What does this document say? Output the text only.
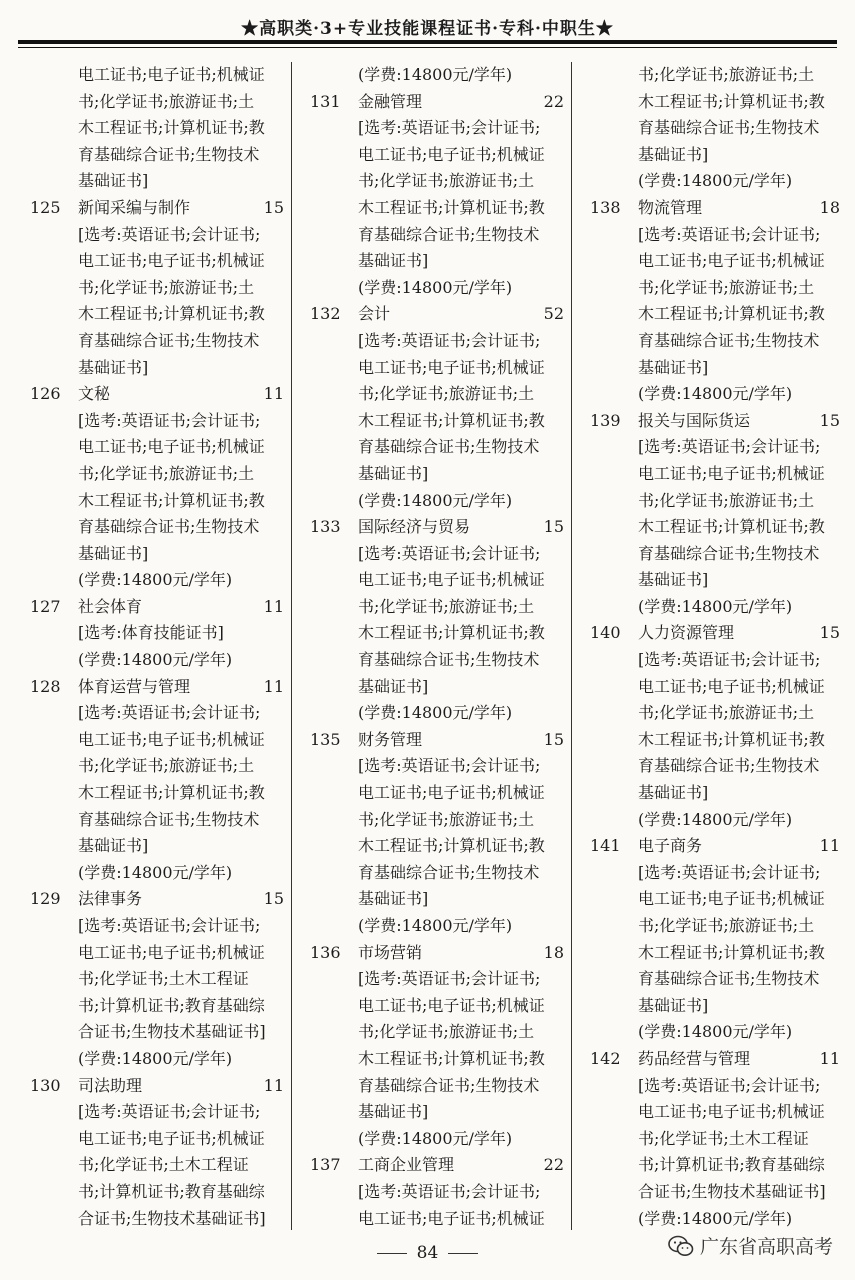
★高职类·3+专业技能课程证书·专科·中职生★
电工证书;电子证书;机械证
书;化学证书;旅游证书;土
木工程证书;计算机证书;教
育基础综合证书;生物技术
基础证书]
125	新闻采编与制作	15
[选考:英语证书;会计证书;
电工证书;电子证书;机械证
书;化学证书;旅游证书;土
木工程证书;计算机证书;教
育基础综合证书;生物技术
基础证书]
126	文秘	11
[选考:英语证书;会计证书;
电工证书;电子证书;机械证
书;化学证书;旅游证书;土
木工程证书;计算机证书;教
育基础综合证书;生物技术
基础证书]
(学费:14800元/学年)
127	社会体育	11
[选考:体育技能证书]
(学费:14800元/学年)
128	体育运营与管理	11
[选考:英语证书;会计证书;
电工证书;电子证书;机械证
书;化学证书;旅游证书;土
木工程证书;计算机证书;教
育基础综合证书;生物技术
基础证书]
(学费:14800元/学年)
129	法律事务	15
[选考:英语证书;会计证书;
电工证书;电子证书;机械证
书;化学证书;土木工程证
书;计算机证书;教育基础综
合证书;生物技术基础证书]
(学费:14800元/学年)
130	司法助理	11
[选考:英语证书;会计证书;
电工证书;电子证书;机械证
书;化学证书;土木工程证
书;计算机证书;教育基础综
合证书;生物技术基础证书]
(学费:14800元/学年)
131	金融管理	22
[选考:英语证书;会计证书;
电工证书;电子证书;机械证
书;化学证书;旅游证书;土
木工程证书;计算机证书;教
育基础综合证书;生物技术
基础证书]
(学费:14800元/学年)
132	会计	52
[选考:英语证书;会计证书;
电工证书;电子证书;机械证
书;化学证书;旅游证书;土
木工程证书;计算机证书;教
育基础综合证书;生物技术
基础证书]
(学费:14800元/学年)
133	国际经济与贸易	15
[选考:英语证书;会计证书;
电工证书;电子证书;机械证
书;化学证书;旅游证书;土
木工程证书;计算机证书;教
育基础综合证书;生物技术
基础证书]
(学费:14800元/学年)
135	财务管理	15
[选考:英语证书;会计证书;
电工证书;电子证书;机械证
书;化学证书;旅游证书;土
木工程证书;计算机证书;教
育基础综合证书;生物技术
基础证书]
(学费:14800元/学年)
136	市场营销	18
[选考:英语证书;会计证书;
电工证书;电子证书;机械证
书;化学证书;旅游证书;土
木工程证书;计算机证书;教
育基础综合证书;生物技术
基础证书]
(学费:14800元/学年)
137	工商企业管理	22
[选考:英语证书;会计证书;
电工证书;电子证书;机械证
书;化学证书;旅游证书;土
木工程证书;计算机证书;教
育基础综合证书;生物技术
基础证书]
(学费:14800元/学年)
138	物流管理	18
[选考:英语证书;会计证书;
电工证书;电子证书;机械证
书;化学证书;旅游证书;土
木工程证书;计算机证书;教
育基础综合证书;生物技术
基础证书]
(学费:14800元/学年)
139	报关与国际货运	15
[选考:英语证书;会计证书;
电工证书;电子证书;机械证
书;化学证书;旅游证书;土
木工程证书;计算机证书;教
育基础综合证书;生物技术
基础证书]
(学费:14800元/学年)
140	人力资源管理	15
[选考:英语证书;会计证书;
电工证书;电子证书;机械证
书;化学证书;旅游证书;土
木工程证书;计算机证书;教
育基础综合证书;生物技术
基础证书]
(学费:14800元/学年)
141	电子商务	11
[选考:英语证书;会计证书;
电工证书;电子证书;机械证
书;化学证书;旅游证书;土
木工程证书;计算机证书;教
育基础综合证书;生物技术
基础证书]
(学费:14800元/学年)
142	药品经营与管理	11
[选考:英语证书;会计证书;
电工证书;电子证书;机械证
书;化学证书;土木工程证
书;计算机证书;教育基础综
合证书;生物技术基础证书]
(学费:14800元/学年)
84	广东省高职高考
